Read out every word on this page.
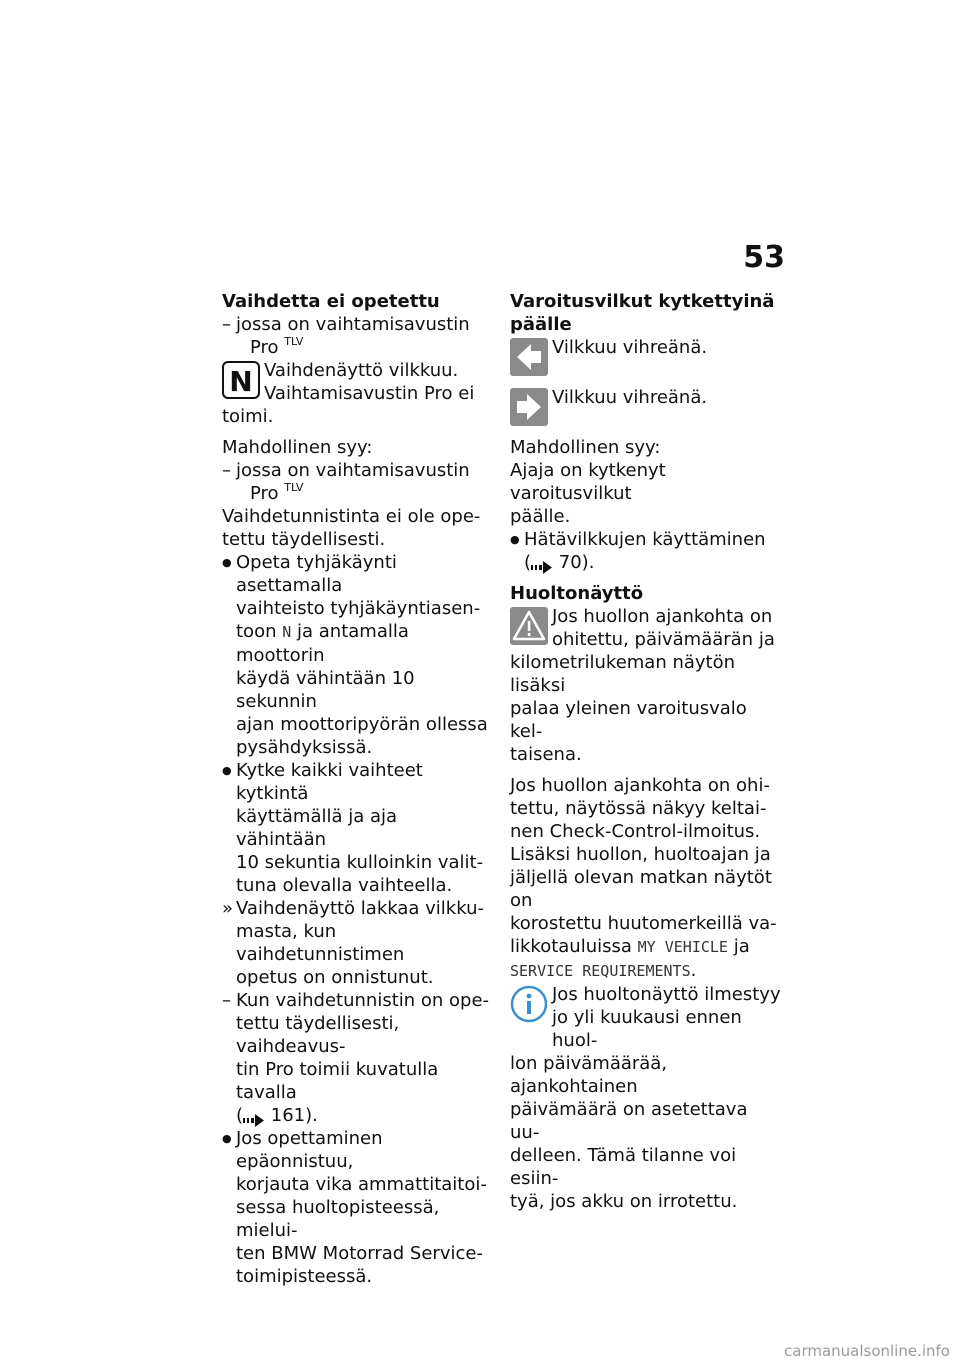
53
Vaihdetta ei opetettu
– jossa on vaihtamisavustin
Pro $^{TLV}$
N Vaihdenäyttö vilkkuu.
Vaihtamisavustin Pro ei
toimi.
Mahdollinen syy:
– jossa on vaihtamisavustin
Pro $^{TLV}$
Vaihdetunnistinta ei ole ope-
tettu täydellisesti.
● Opeta tyhjäkäynti asettamalla
vaihteisto tyhjäkäyntiasen-
toon N ja antamalla moottorin
käydä vähintään 10 sekunnin
ajan moottoripyörän ollessa
pysähdyksissä.
● Kytke kaikki vaihteet kytkintä
käyttämällä ja aja vähintään
10 sekuntia kulloinkin valit-
tuna olevalla vaihteella.
» Vaihdenäyttö lakkaa vilkku-
masta, kun vaihdetunnistimen
opetus on onnistunut.
– Kun vaihdetunnistin on ope-
tettu täydellisesti, vaihdeavus-
tin Pro toimii kuvatulla tavalla
( 161).
● Jos opettaminen epäonnistuu,
korjauta vika ammattitaitoi-
sessa huoltopisteessä, mielui-
ten BMW Motorrad Service-
toimipisteessä.
Varoitusvilkut kytkettyinä
päälle
Vilkkuu vihreänä.
Vilkkuu vihreänä.
Mahdollinen syy:
Ajaja on kytkenyt varoitusvilkut
päälle.
● Hätävilkkujen käyttäminen
( 70).
Huoltonäyttö
Jos huollon ajankohta on
ohitettu, päivämäärän ja
kilometrilukeman näytön lisäksi
palaa yleinen varoitusvalo kel-
taisena.
Jos huollon ajankohta on ohi-
tettu, näytössä näkyy keltai-
nen Check-Control-ilmoitus.
Lisäksi huollon, huoltoajan ja
jäljellä olevan matkan näytöt on
korostettu huutomerkeillä va-
likkotauluissa MY VEHICLE ja
SERVICE REQUIREMENTS.
Jos huoltonäyttö ilmestyy
jo yli kuukausi ennen huol-
lon päivämäärää, ajankohtainen
päivämäärä on asetettava uu-
delleen. Tämä tilanne voi esiin-
tyä, jos akku on irrotettu.
carmanualsonline.info
